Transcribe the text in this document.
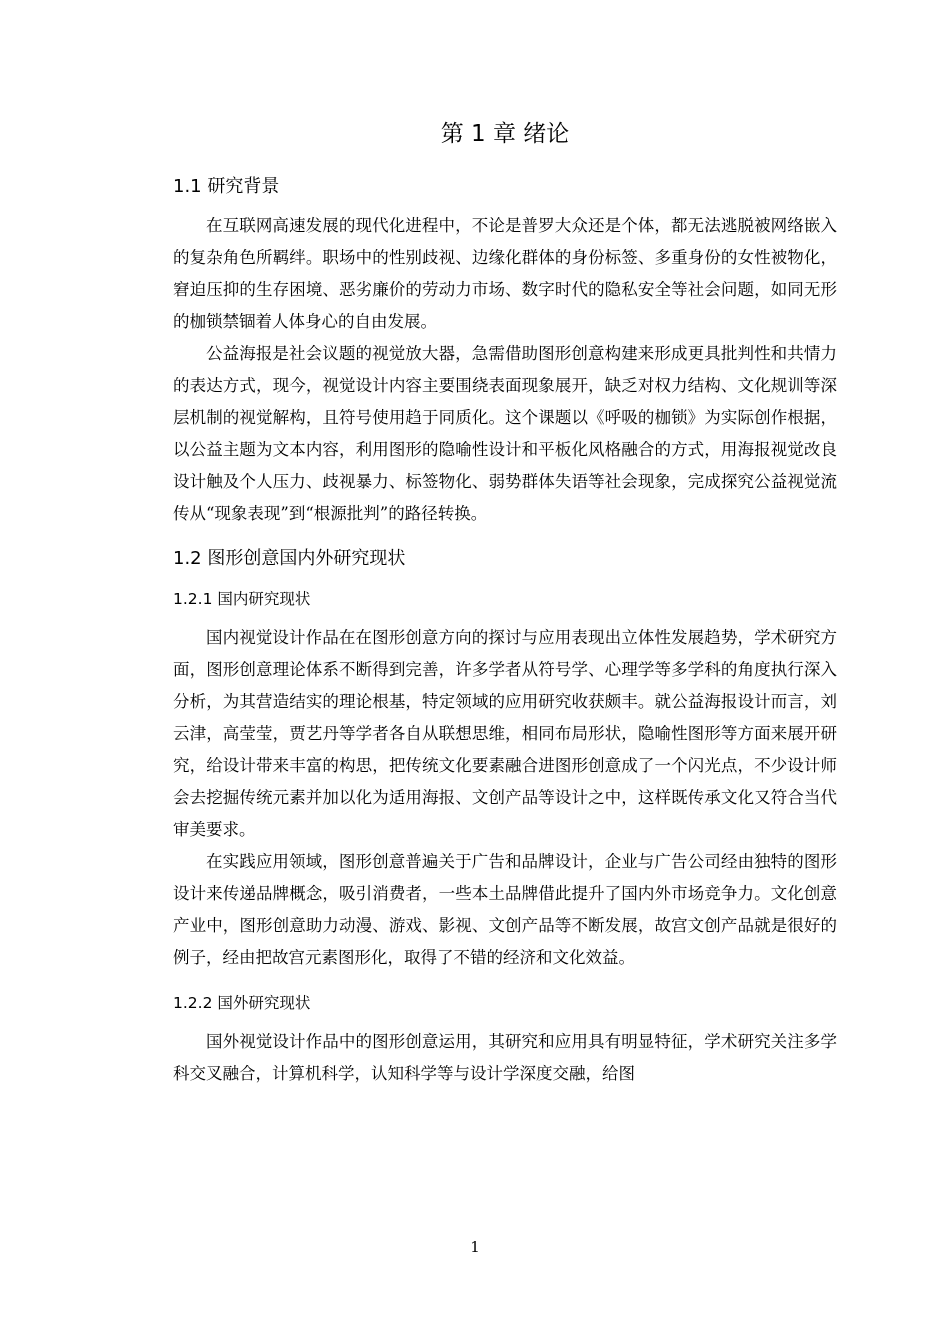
第 1 章 绪论
1.1 研究背景

在互联网高速发展的现代化进程中，不论是普罗大众还是个体，都无法逃脱被网络嵌入的复杂角色所羁绊。职场中的性别歧视、边缘化群体的身份标签、多重身份的女性被物化，窘迫压抑的生存困境、恶劣廉价的劳动力市场、数字时代的隐私安全等社会问题，如同无形的枷锁禁锢着人体身心的自由发展。

公益海报是社会议题的视觉放大器，急需借助图形创意构建来形成更具批判性和共情力的表达方式，现今，视觉设计内容主要围绕表面现象展开，缺乏对权力结构、文化规训等深层机制的视觉解构，且符号使用趋于同质化。这个课题以《呼吸的枷锁》为实际创作根据，以公益主题为文本内容，利用图形的隐喻性设计和平板化风格融合的方式，用海报视觉改良设计触及个人压力、歧视暴力、标签物化、弱势群体失语等社会现象，完成探究公益视觉流传从“现象表现”到“根源批判”的路径转换。

1.2 图形创意国内外研究现状
1.2.1 国内研究现状

国内视觉设计作品在在图形创意方向的探讨与应用表现出立体性发展趋势，学术研究方面，图形创意理论体系不断得到完善，许多学者从符号学、心理学等多学科的角度执行深入分析，为其营造结实的理论根基，特定领域的应用研究收获颇丰。就公益海报设计而言，刘云津，高莹莹，贾艺丹等学者各自从联想思维，相同布局形状，隐喻性图形等方面来展开研究，给设计带来丰富的构思，把传统文化要素融合进图形创意成了一个闪光点，不少设计师会去挖掘传统元素并加以化为适用海报、文创产品等设计之中，这样既传承文化又符合当代审美要求。

在实践应用领域，图形创意普遍关于广告和品牌设计，企业与广告公司经由独特的图形设计来传递品牌概念，吸引消费者，一些本土品牌借此提升了国内外市场竞争力。文化创意产业中，图形创意助力动漫、游戏、影视、文创产品等不断发展，故宫文创产品就是很好的例子，经由把故宫元素图形化，取得了不错的经济和文化效益。

1.2.2 国外研究现状

国外视觉设计作品中的图形创意运用，其研究和应用具有明显特征，学术研究关注多学科交叉融合，计算机科学，认知科学等与设计学深度交融，给图

1
